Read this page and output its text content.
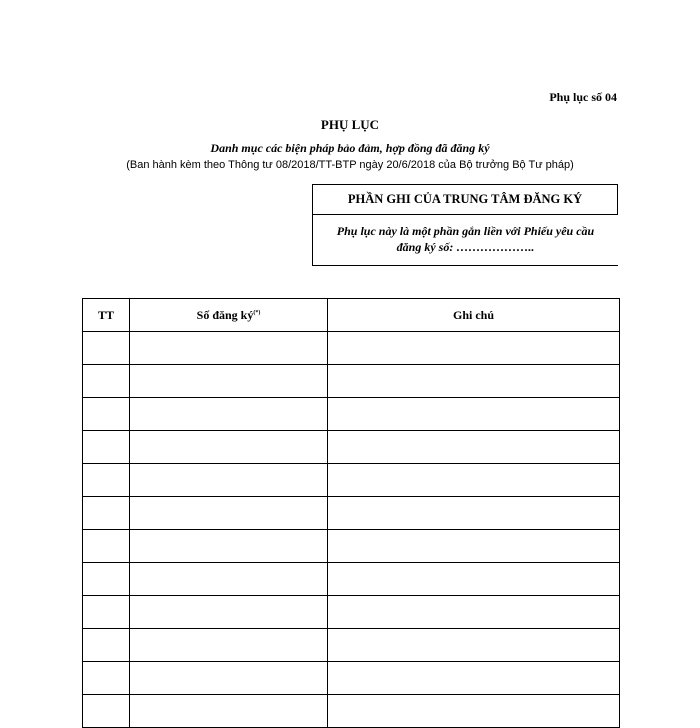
Phụ lục số 04
PHỤ LỤC
Danh mục các biện pháp bảo đảm, hợp đồng đã đăng ký
(Ban hành kèm theo Thông tư 08/2018/TT-BTP ngày 20/6/2018 của Bộ trưởng Bộ Tư pháp)
PHẦN GHI CỦA TRUNG TÂM ĐĂNG KÝ
Phụ lục này là một phần gắn liền với Phiếu yêu cầu
đăng ký số: ………………..
TT	Số đăng ký(*)	Ghi chú
